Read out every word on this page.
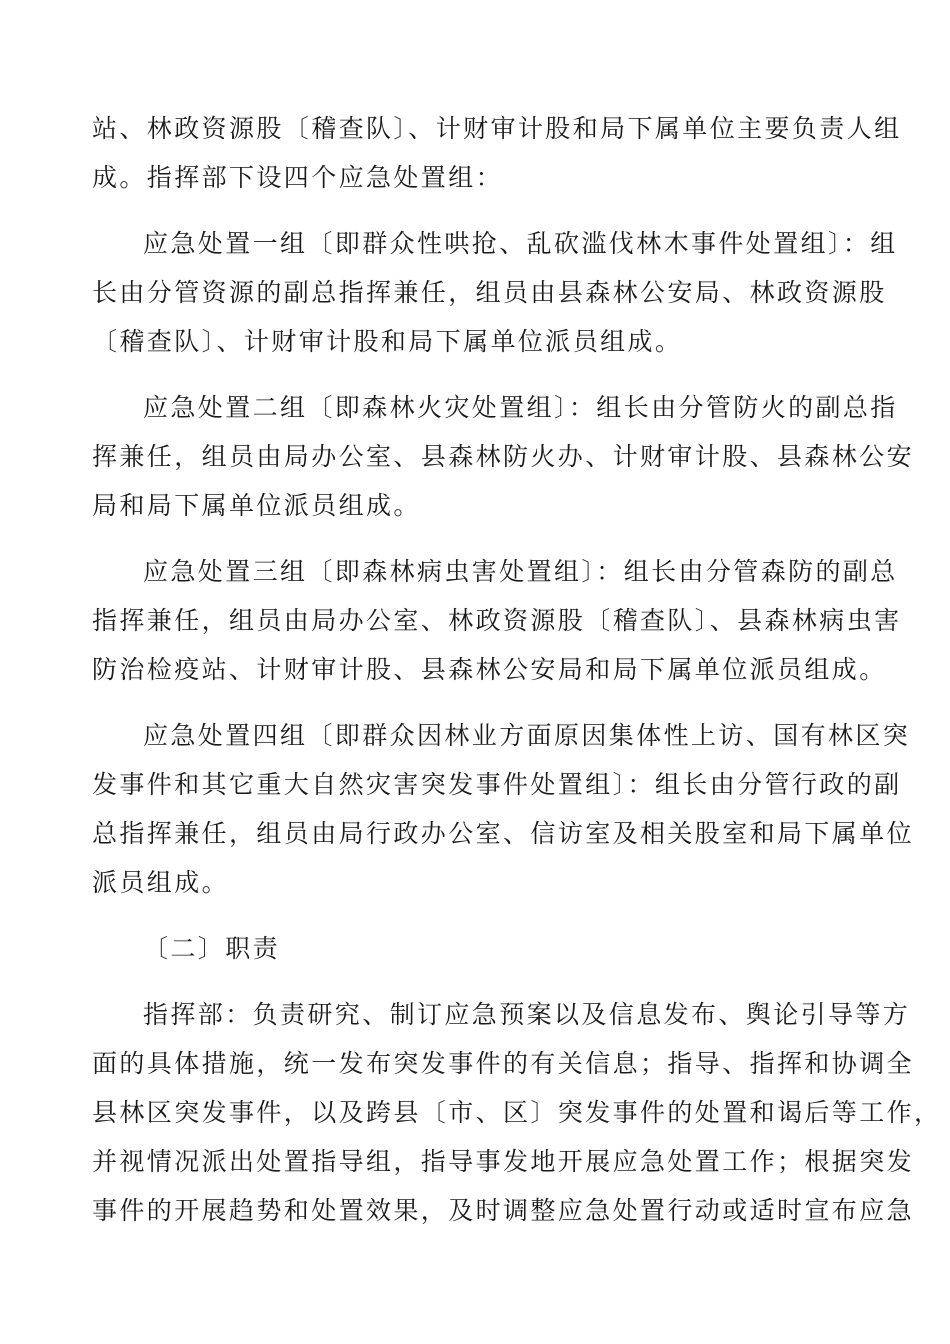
站、林政资源股〔稽查队〕、计财审计股和局下属单位主要负责人组
成。指挥部下设四个应急处置组：
应急处置一组〔即群众性哄抢、乱砍滥伐林木事件处置组〕：组
长由分管资源的副总指挥兼任，组员由县森林公安局、林政资源股
〔稽查队〕、计财审计股和局下属单位派员组成。
应急处置二组〔即森林火灾处置组〕：组长由分管防火的副总指
挥兼任，组员由局办公室、县森林防火办、计财审计股、县森林公安
局和局下属单位派员组成。
应急处置三组〔即森林病虫害处置组〕：组长由分管森防的副总
指挥兼任，组员由局办公室、林政资源股〔稽查队〕、县森林病虫害
防治检疫站、计财审计股、县森林公安局和局下属单位派员组成。
应急处置四组〔即群众因林业方面原因集体性上访、国有林区突
发事件和其它重大自然灾害突发事件处置组〕：组长由分管行政的副
总指挥兼任，组员由局行政办公室、信访室及相关股室和局下属单位
派员组成。
〔二〕职责
指挥部：负责研究、制订应急预案以及信息发布、舆论引导等方
面的具体措施，统一发布突发事件的有关信息；指导、指挥和协调全
县林区突发事件，以及跨县〔市、区〕突发事件的处置和谒后等工作，
并视情况派出处置指导组，指导事发地开展应急处置工作；根据突发
事件的开展趋势和处置效果，及时调整应急处置行动或适时宣布应急
